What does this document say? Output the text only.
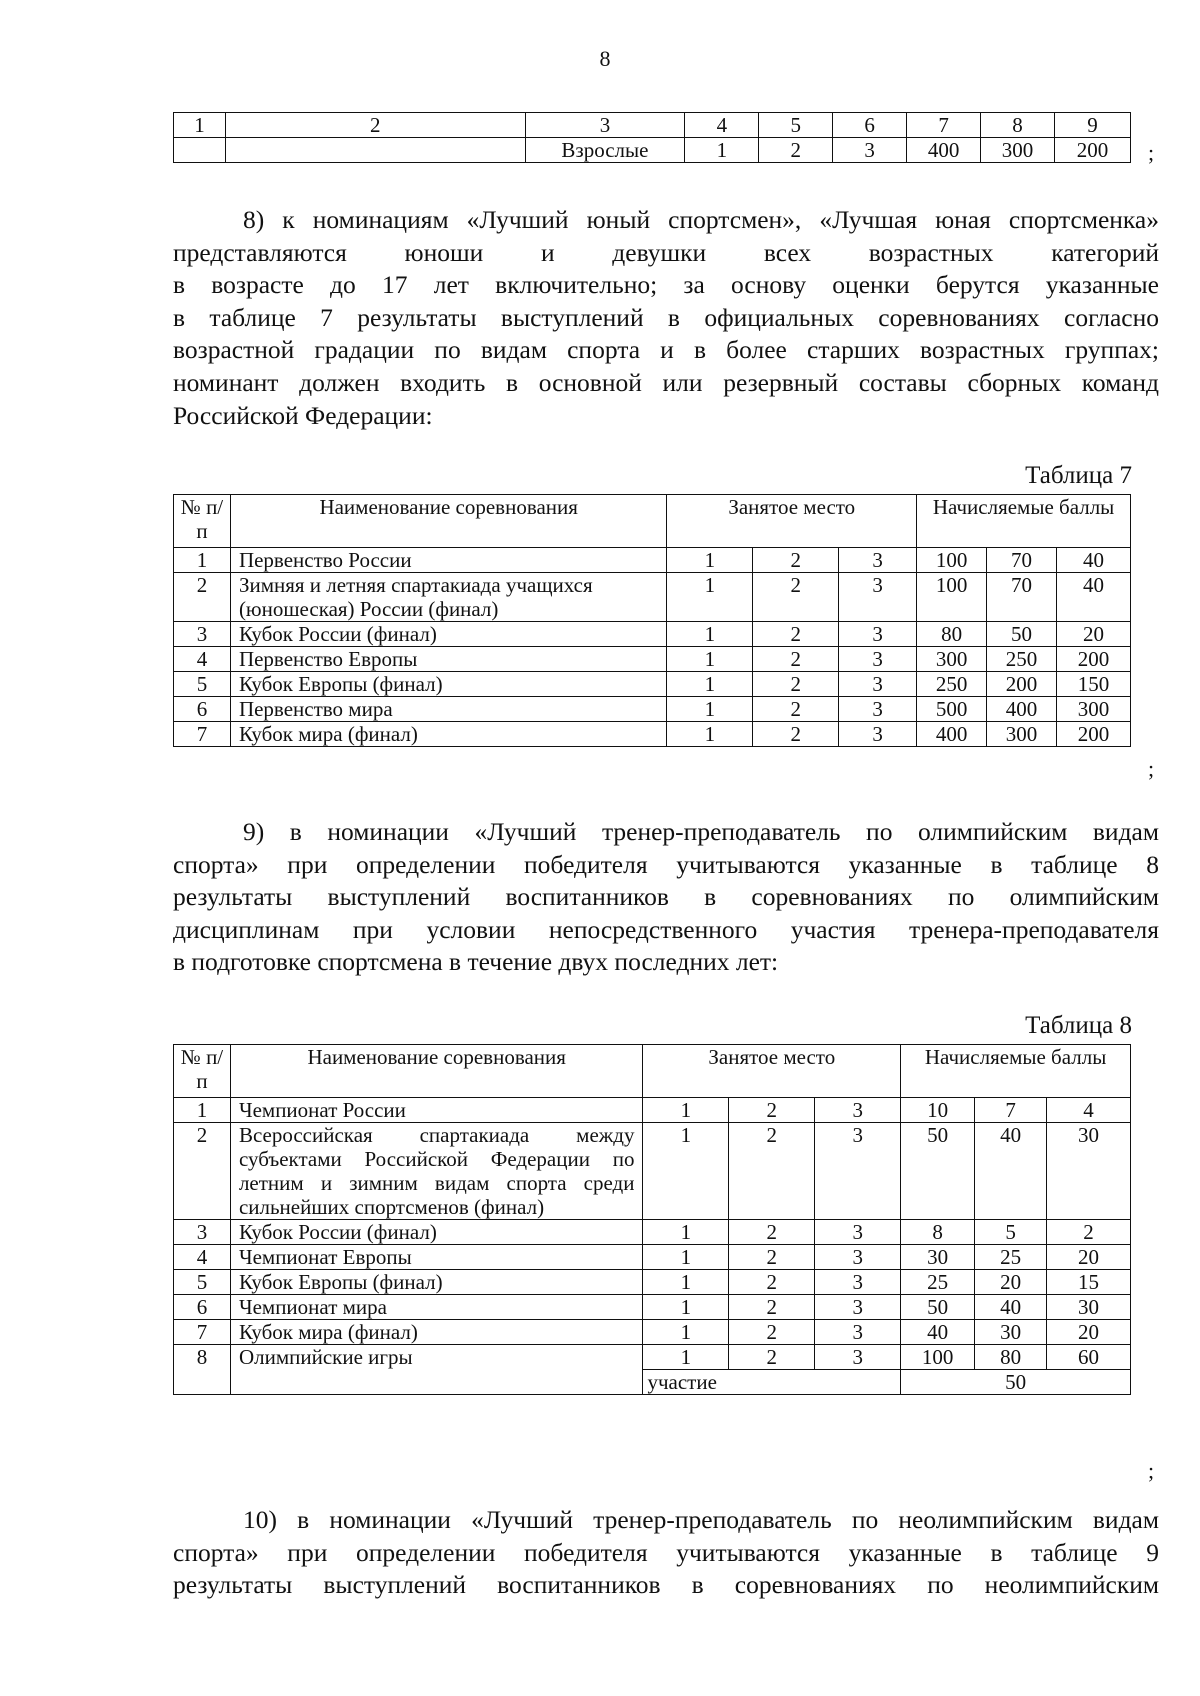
8
1	2	3	4	5	6	7	8	9
		Взрослые	1	2	3	400	300	200 ;
8) к номинациям «Лучший юный спортсмен», «Лучшая юная спортсменка»
представляются юноши и девушки всех возрастных категорий
в возрасте до 17 лет включительно; за основу оценки берутся указанные
в таблице 7 результаты выступлений в официальных соревнованиях согласно
возрастной градации по видам спорта и в более старших возрастных группах;
номинант должен входить в основной или резервный составы сборных команд
Российской Федерации:
Таблица 7
№ п/п	Наименование соревнования	Занятое место			Начисляемые баллы		
1	Первенство России	1	2	3	100	70	40
2	Зимняя и летняя спартакиада учащихся (юношеская) России (финал)	1	2	3	100	70	40
3	Кубок России (финал)	1	2	3	80	50	20
4	Первенство Европы	1	2	3	300	250	200
5	Кубок Европы (финал)	1	2	3	250	200	150
6	Первенство мира	1	2	3	500	400	300
7	Кубок мира (финал)	1	2	3	400	300	200
;
9) в номинации «Лучший тренер-преподаватель по олимпийским видам
спорта» при определении победителя учитываются указанные в таблице 8
результаты выступлений воспитанников в соревнованиях по олимпийским
дисциплинам при условии непосредственного участия тренера-преподавателя
в подготовке спортсмена в течение двух последних лет:
Таблица 8
№ п/п	Наименование соревнования	Занятое место			Начисляемые баллы		
1	Чемпионат России	1	2	3	10	7	4
2	Всероссийская спартакиада между субъектами Российской Федерации по летним и зимним видам спорта среди сильнейших спортсменов (финал)	1	2	3	50	40	30
3	Кубок России (финал)	1	2	3	8	5	2
4	Чемпионат Европы	1	2	3	30	25	20
5	Кубок Европы (финал)	1	2	3	25	20	15
6	Чемпионат мира	1	2	3	50	40	30
7	Кубок мира (финал)	1	2	3	40	30	20
8	Олимпийские игры	1	2	3	100	80	60
		участие			50		
;
10) в номинации «Лучший тренер-преподаватель по неолимпийским видам
спорта» при определении победителя учитываются указанные в таблице 9
результаты выступлений воспитанников в соревнованиях по неолимпийским
